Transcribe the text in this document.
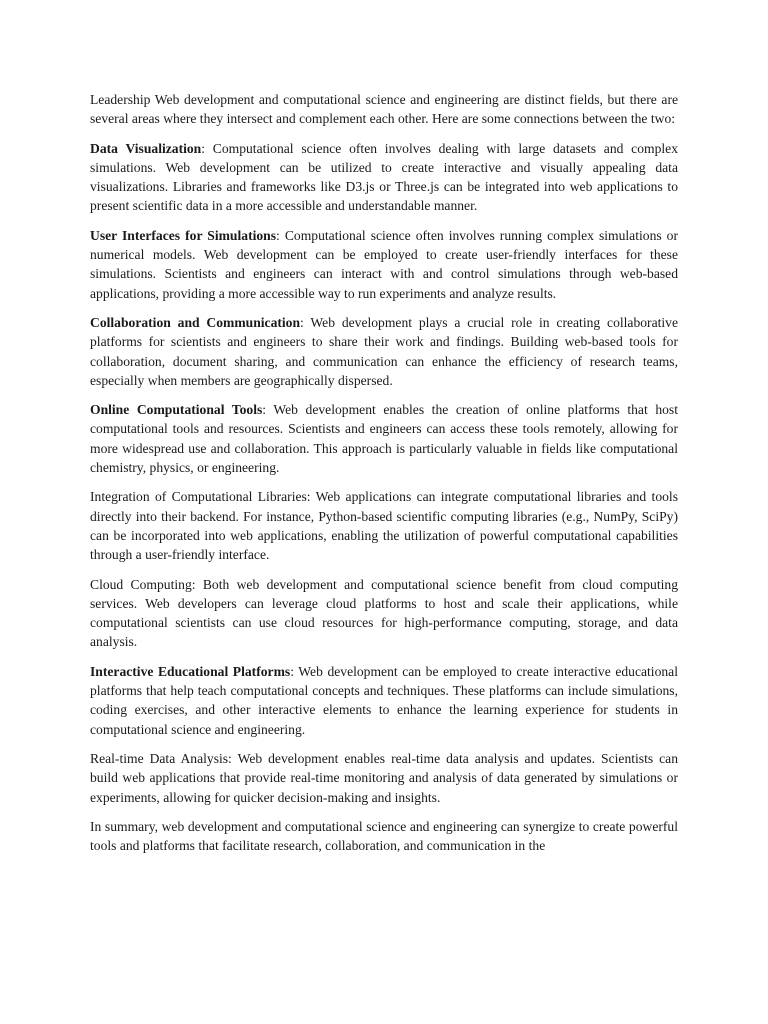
Leadership Web development and computational science and engineering are distinct fields, but there are several areas where they intersect and complement each other. Here are some connections between the two:

Data Visualization: Computational science often involves dealing with large datasets and complex simulations. Web development can be utilized to create interactive and visually appealing data visualizations. Libraries and frameworks like D3.js or Three.js can be integrated into web applications to present scientific data in a more accessible and understandable manner.

User Interfaces for Simulations: Computational science often involves running complex simulations or numerical models. Web development can be employed to create user-friendly interfaces for these simulations. Scientists and engineers can interact with and control simulations through web-based applications, providing a more accessible way to run experiments and analyze results.

Collaboration and Communication: Web development plays a crucial role in creating collaborative platforms for scientists and engineers to share their work and findings. Building web-based tools for collaboration, document sharing, and communication can enhance the efficiency of research teams, especially when members are geographically dispersed.

Online Computational Tools: Web development enables the creation of online platforms that host computational tools and resources. Scientists and engineers can access these tools remotely, allowing for more widespread use and collaboration. This approach is particularly valuable in fields like computational chemistry, physics, or engineering.

Integration of Computational Libraries: Web applications can integrate computational libraries and tools directly into their backend. For instance, Python-based scientific computing libraries (e.g., NumPy, SciPy) can be incorporated into web applications, enabling the utilization of powerful computational capabilities through a user-friendly interface.

Cloud Computing: Both web development and computational science benefit from cloud computing services. Web developers can leverage cloud platforms to host and scale their applications, while computational scientists can use cloud resources for high-performance computing, storage, and data analysis.

Interactive Educational Platforms: Web development can be employed to create interactive educational platforms that help teach computational concepts and techniques. These platforms can include simulations, coding exercises, and other interactive elements to enhance the learning experience for students in computational science and engineering.

Real-time Data Analysis: Web development enables real-time data analysis and updates. Scientists can build web applications that provide real-time monitoring and analysis of data generated by simulations or experiments, allowing for quicker decision-making and insights.

In summary, web development and computational science and engineering can synergize to create powerful tools and platforms that facilitate research, collaboration, and communication in the
